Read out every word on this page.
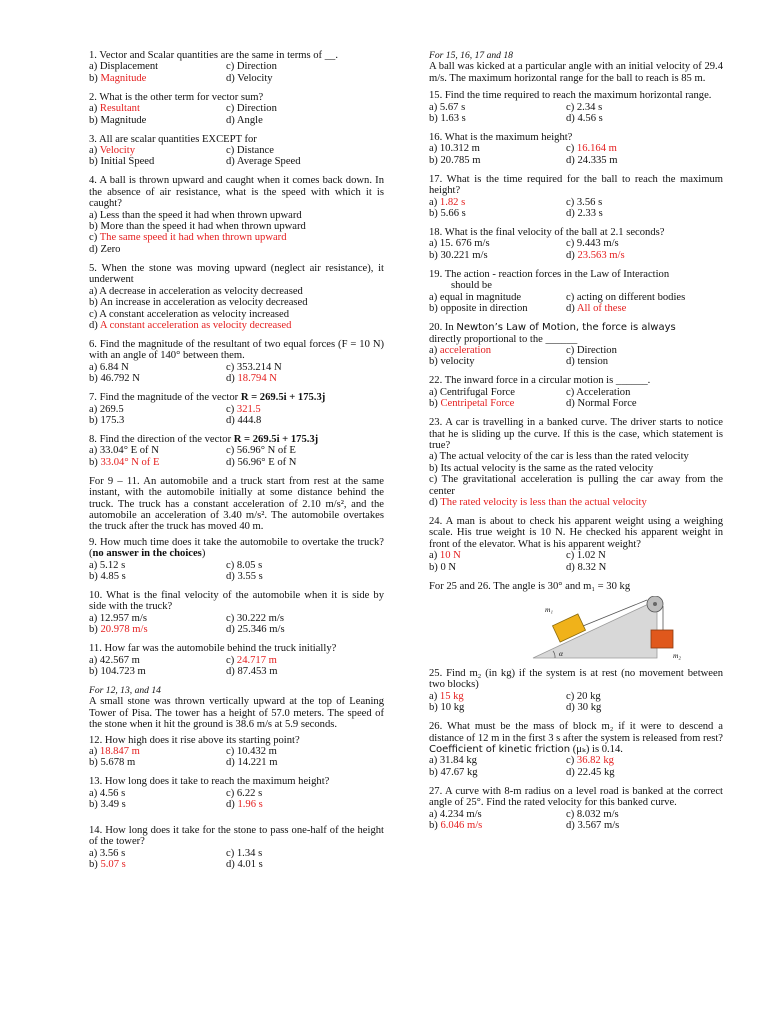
1. Vector and Scalar quantities are the same in terms of __.

a) Displacement	c) Direction
b) Magnitude	d) Velocity

2. What is the other term for vector sum?

a) Resultant	c) Direction
b) Magnitude	d) Angle

3. All are scalar quantities EXCEPT for

a) Velocity	c) Distance
b) Initial Speed	d) Average Speed

4. A ball is thrown upward and caught when it comes back down. In the absence of air resistance, what is the speed with which it is caught?

a) Less than the speed it had when thrown upward

b) More than the speed it had when thrown upward

c) The same speed it had when thrown upward

d) Zero

5. When the stone was moving upward (neglect air resistance), it underwent

a) A decrease in acceleration as velocity decreased

b) An increase in acceleration as velocity decreased

c) A constant acceleration as velocity increased

d) A constant acceleration as velocity decreased

6. Find the magnitude of the resultant of two equal forces (F = 10 N) with an angle of 140° between them.

a) 6.84 N	c) 353.214 N
b) 46.792 N	d) 18.794 N

7. Find the magnitude of the vector R = 269.5i + 175.3j

a) 269.5	c) 321.5
b) 175.3	d) 444.8

8. Find the direction of the vector R = 269.5i + 175.3j

a) 33.04° E of N	c) 56.96° N of E
b) 33.04° N of E	d) 56.96° E of N

For 9 – 11. An automobile and a truck start from rest at the same instant, with the automobile initially at some distance behind the truck. The truck has a constant acceleration of 2.10 m/s², and the automobile an acceleration of 3.40 m/s². The automobile overtakes the truck after the truck has moved 40 m.

9. How much time does it take the automobile to overtake the truck? (no answer in the choices)

a) 5.12 s	c) 8.05 s
b) 4.85 s	d) 3.55 s

10. What is the final velocity of the automobile when it is side by side with the truck?

a) 12.957 m/s	c) 30.222 m/s
b) 20.978 m/s	d) 25.346 m/s

11. How far was the automobile behind the truck initially?

a) 42.567 m	c) 24.717 m
b) 104.723 m	d) 87.453 m

For 12, 13, and 14

A small stone was thrown vertically upward at the top of Leaning Tower of Pisa. The tower has a height of 57.0 meters. The speed of the stone when it hit the ground is 38.6 m/s at 5.9 seconds.

12. How high does it rise above its starting point?

a) 18.847 m	c) 10.432 m
b) 5.678 m	d) 14.221 m

13. How long does it take to reach the maximum height?

a) 4.56 s	c) 6.22 s
b) 3.49 s	d) 1.96 s

14. How long does it take for the stone to pass one-half of the height of the tower?

a) 3.56 s	c) 1.34 s
b) 5.07 s	d) 4.01 s

For 15, 16, 17 and 18

A ball was kicked at a particular angle with an initial velocity of 29.4 m/s. The maximum horizontal range for the ball to reach is 85 m.

15. Find the time required to reach the maximum horizontal range.

a) 5.67 s	c) 2.34 s
b) 1.63 s	d) 4.56 s

16. What is the maximum height?

a) 10.312 m	c) 16.164 m
b) 20.785 m	d) 24.335 m

17. What is the time required for the ball to reach the maximum height?

a) 1.82 s	c) 3.56 s
b) 5.66 s	d) 2.33 s

18. What is the final velocity of the ball at 2.1 seconds?

a) 15. 676 m/s	c) 9.443 m/s
b) 30.221 m/s	d) 23.563 m/s

19. The action - reaction forces in the Law of Interaction

should be

a) equal in magnitude	c) acting on different bodies
b) opposite in direction	d) All of these

20. In Newton’s Law of Motion, the force is always

directly proportional to the ______

a) acceleration	c) Direction
b) velocity	d) tension

22. The inward force in a circular motion is ______.

a) Centrifugal Force	c) Acceleration
b) Centripetal Force	d) Normal Force

23. A car is travelling in a banked curve. The driver starts to notice that he is sliding up the curve. If this is the case, which statement is true?

a) The actual velocity of the car is less than the rated velocity

b) Its actual velocity is the same as the rated velocity

c) The gravitational acceleration is pulling the car away from the center

d) The rated velocity is less than the actual velocity

24. A man is about to check his apparent weight using a weighing scale. His true weight is 10 N. He checked his apparent weight in front of the elevator. What is his apparent weight?

a) 10 N	c) 1.02 N
b) 0 N	d) 8.32 N

For 25 and 26. The angle is 30° and m₁ = 30 kg

m₁
m₂
α

25. Find m₂ (in kg) if the system is at rest (no movement between two blocks)

a) 15 kg	c) 20 kg
b) 10 kg	d) 30 kg

26. What must be the mass of block m₂ if it were to descend a distance of 12 m in the first 3 s after the system is released from rest? Coefficient of kinetic friction (μₖ) is 0.14.

a) 31.84 kg	c) 36.82 kg
b) 47.67 kg	d) 22.45 kg

27. A curve with 8-m radius on a level road is banked at the correct angle of 25°. Find the rated velocity for this banked curve.

a) 4.234 m/s	c) 8.032 m/s
b) 6.046 m/s	d) 3.567 m/s
